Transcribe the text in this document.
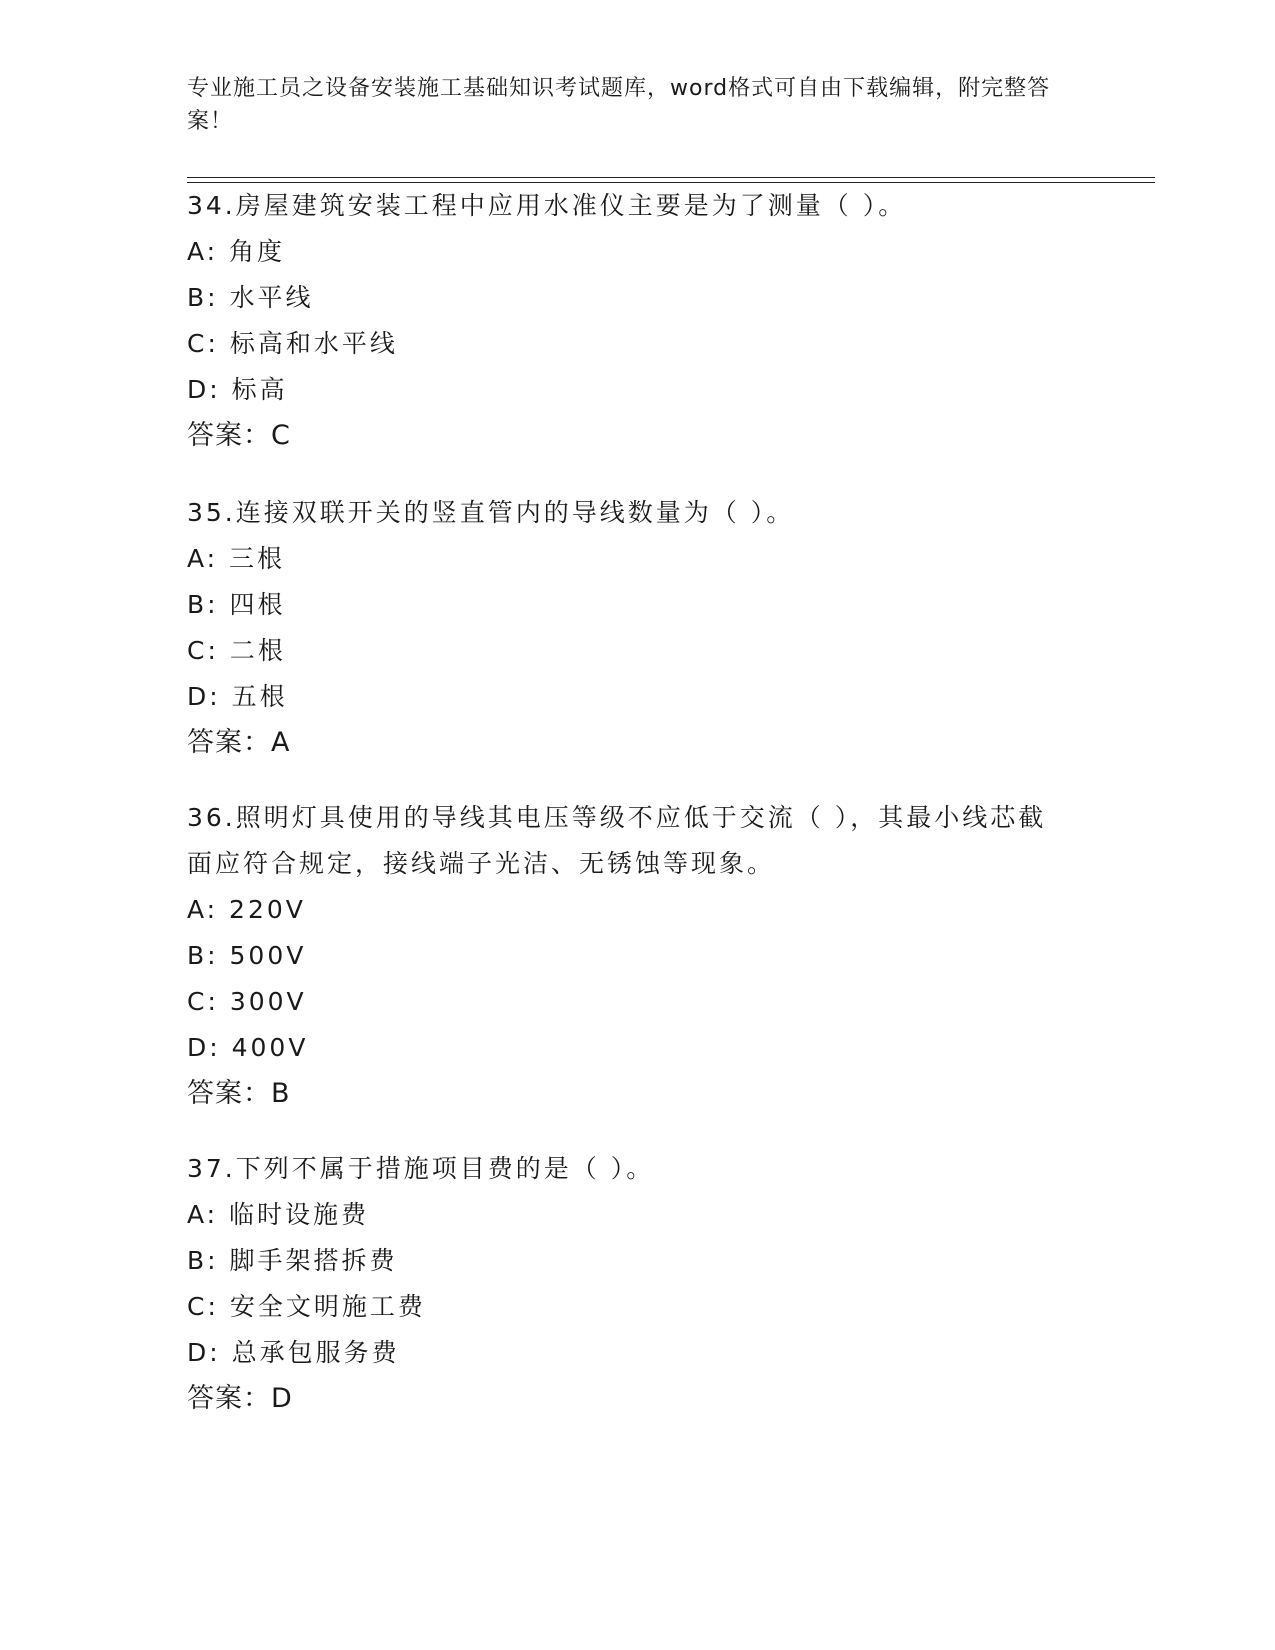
专业施工员之设备安装施工基础知识考试题库，word格式可自由下载编辑，附完整答案！
34.房屋建筑安装工程中应用水准仪主要是为了测量（ ）。
A: 角度
B: 水平线
C: 标高和水平线
D: 标高
答案：C
35.连接双联开关的竖直管内的导线数量为（ ）。
A: 三根
B: 四根
C: 二根
D: 五根
答案：A
36.照明灯具使用的导线其电压等级不应低于交流（ ），其最小线芯截面应符合规定，接线端子光洁、无锈蚀等现象。
A: 220V
B: 500V
C: 300V
D: 400V
答案：B
37.下列不属于措施项目费的是（ ）。
A: 临时设施费
B: 脚手架搭拆费
C: 安全文明施工费
D: 总承包服务费
答案：D
